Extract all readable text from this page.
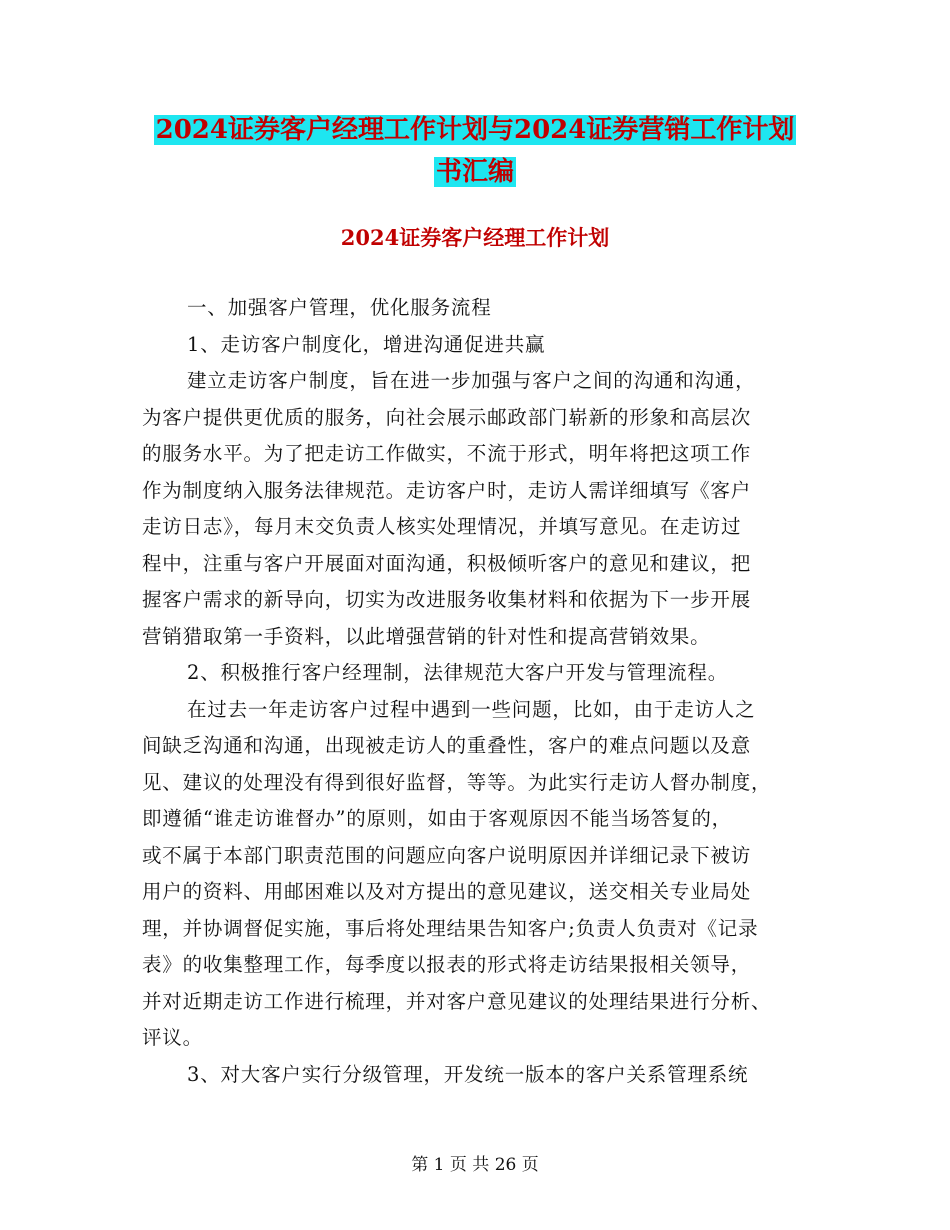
2024证券客户经理工作计划与2024证券营销工作计划
书汇编
2024证券客户经理工作计划
一、加强客户管理，优化服务流程
1、走访客户制度化，增进沟通促进共赢
建立走访客户制度，旨在进一步加强与客户之间的沟通和沟通，
为客户提供更优质的服务，向社会展示邮政部门崭新的形象和高层次
的服务水平。为了把走访工作做实，不流于形式，明年将把这项工作
作为制度纳入服务法律规范。走访客户时，走访人需详细填写《客户
走访日志》，每月末交负责人核实处理情况，并填写意见。在走访过
程中，注重与客户开展面对面沟通，积极倾听客户的意见和建议，把
握客户需求的新导向，切实为改进服务收集材料和依据为下一步开展
营销猎取第一手资料，以此增强营销的针对性和提高营销效果。
2、积极推行客户经理制，法律规范大客户开发与管理流程。
在过去一年走访客户过程中遇到一些问题，比如，由于走访人之
间缺乏沟通和沟通，出现被走访人的重叠性，客户的难点问题以及意
见、建议的处理没有得到很好监督，等等。为此实行走访人督办制度，
即遵循“谁走访谁督办”的原则，如由于客观原因不能当场答复的，
或不属于本部门职责范围的问题应向客户说明原因并详细记录下被访
用户的资料、用邮困难以及对方提出的意见建议，送交相关专业局处
理，并协调督促实施，事后将处理结果告知客户;负责人负责对《记录
表》的收集整理工作，每季度以报表的形式将走访结果报相关领导，
并对近期走访工作进行梳理，并对客户意见建议的处理结果进行分析、
评议。
3、对大客户实行分级管理，开发统一版本的客户关系管理系统
第 1 页 共 26 页
